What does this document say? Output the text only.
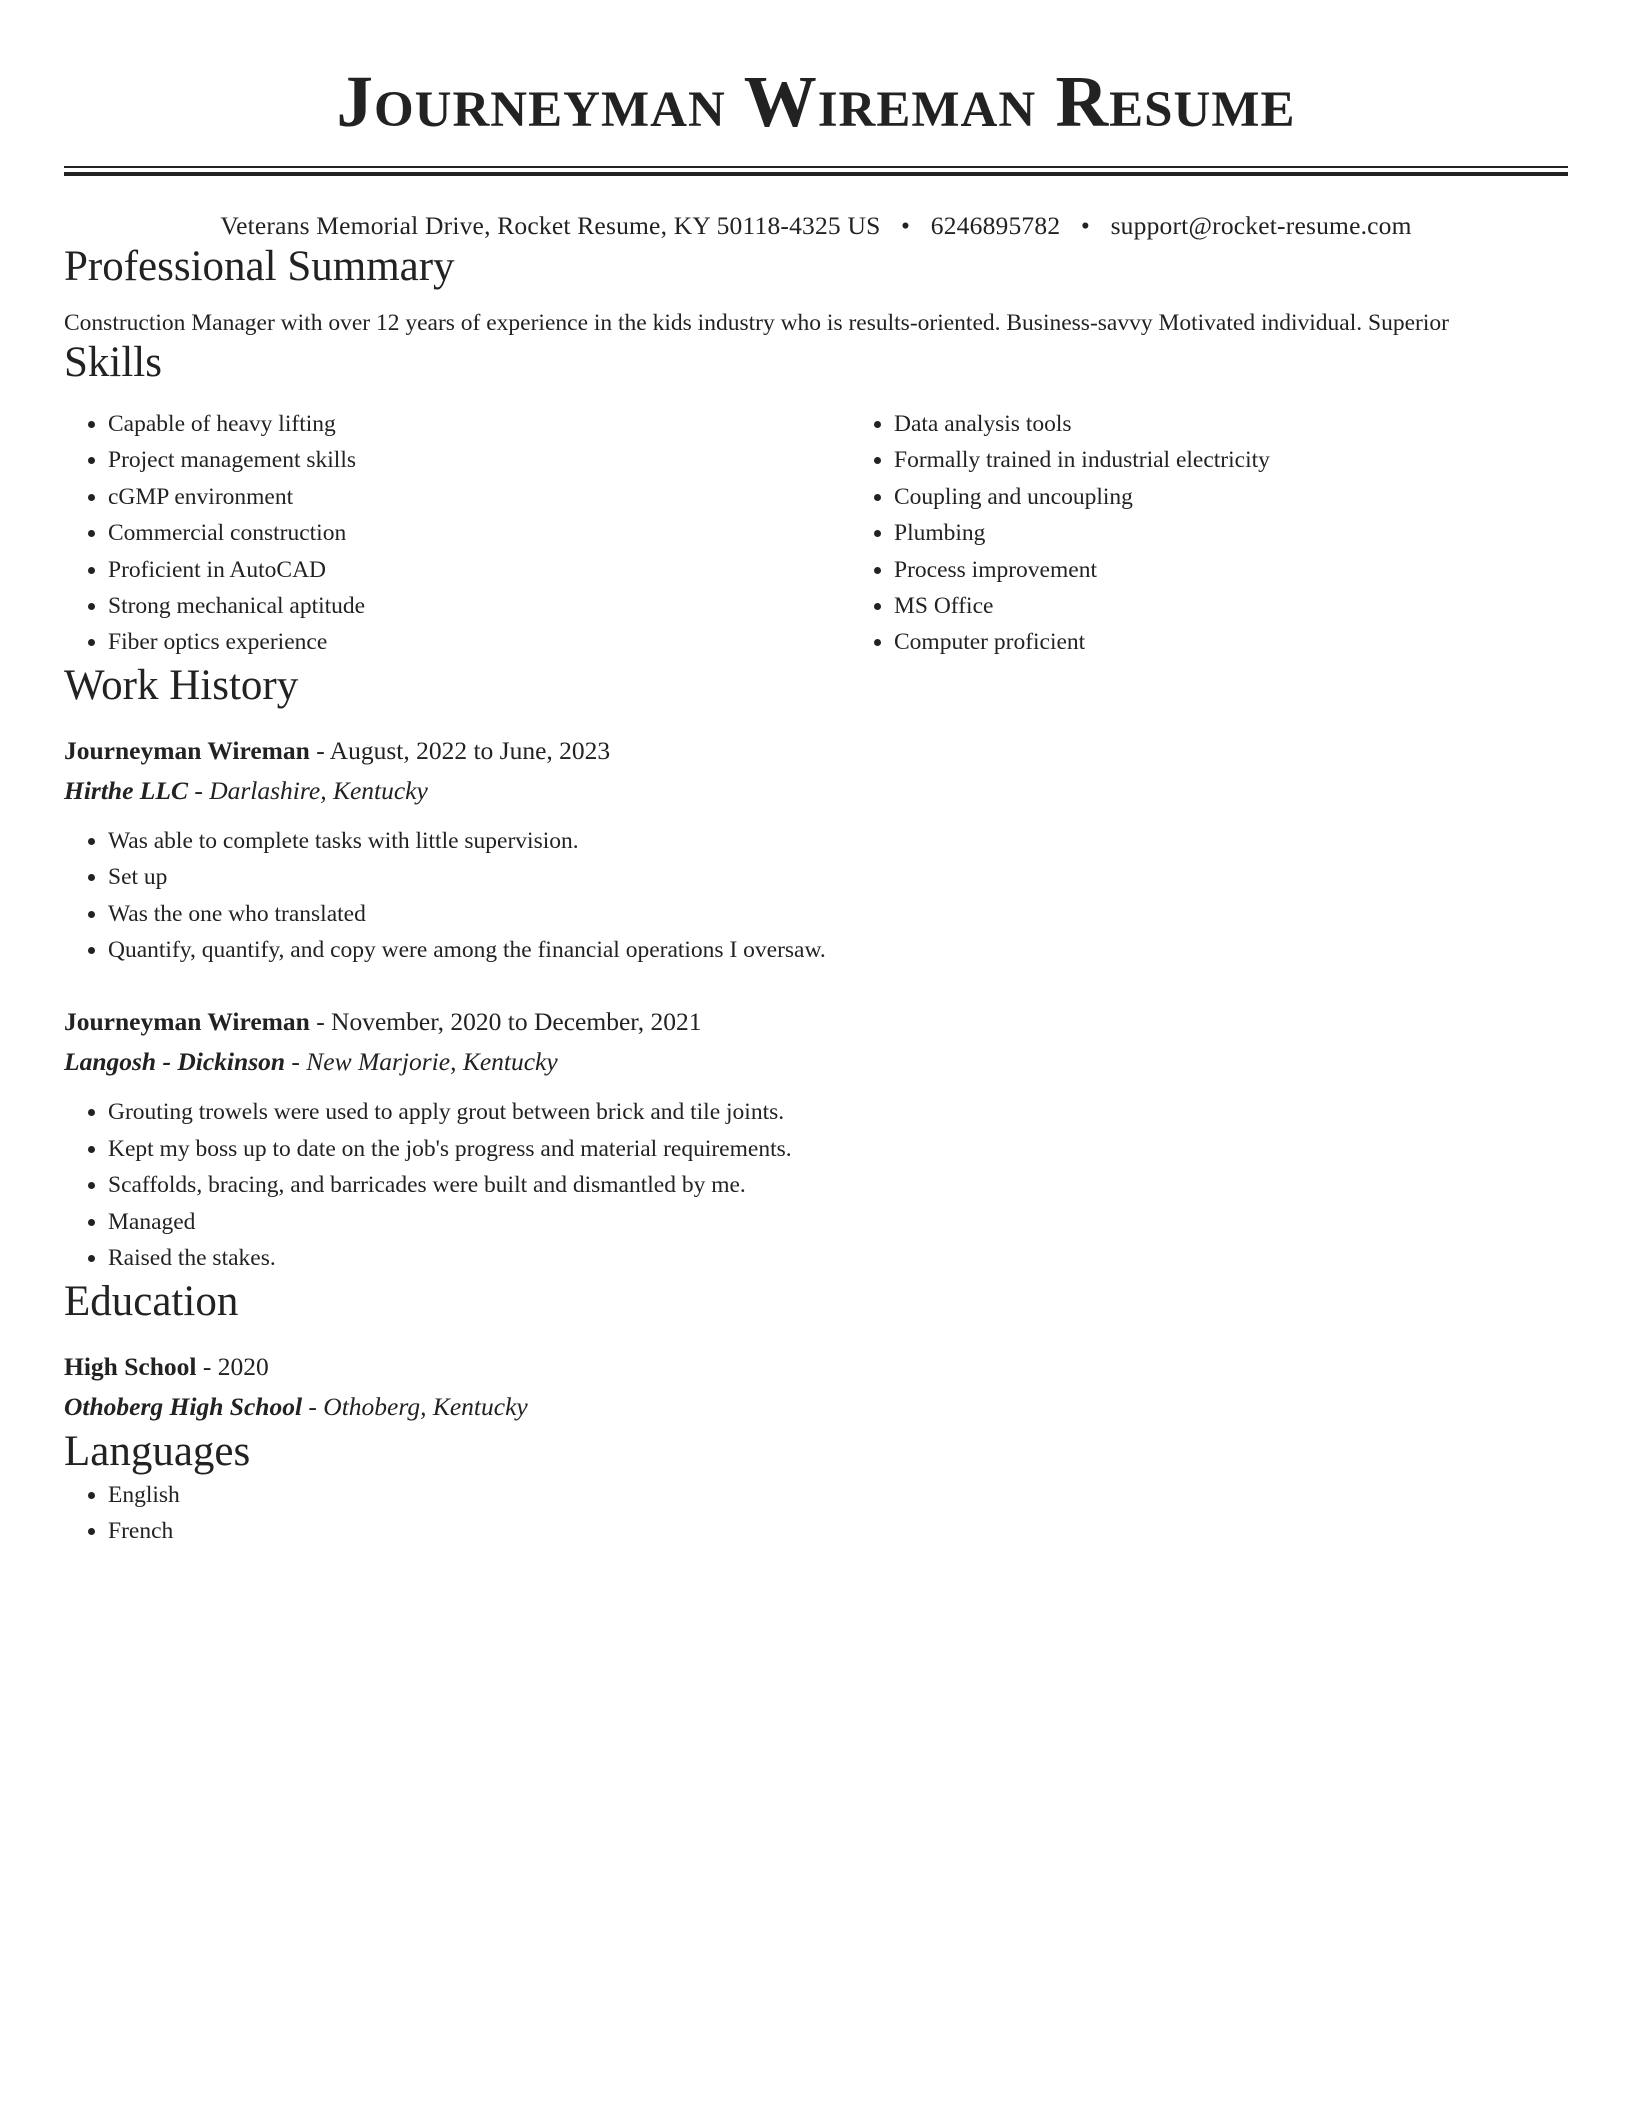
Journeyman Wireman Resume
Veterans Memorial Drive, Rocket Resume, KY 50118-4325 US • 6246895782 • support@rocket-resume.com
Professional Summary
Construction Manager with over 12 years of experience in the kids industry who is results-oriented. Business-savvy Motivated individual. Superior
Skills
• Capable of heavy lifting
• Project management skills
• cGMP environment
• Commercial construction
• Proficient in AutoCAD
• Strong mechanical aptitude
• Fiber optics experience
• Data analysis tools
• Formally trained in industrial electricity
• Coupling and uncoupling
• Plumbing
• Process improvement
• MS Office
• Computer proficient
Work History
Journeyman Wireman - August, 2022 to June, 2023
Hirthe LLC - Darlashire, Kentucky
• Was able to complete tasks with little supervision.
• Set up
• Was the one who translated
• Quantify, quantify, and copy were among the financial operations I oversaw.
Journeyman Wireman - November, 2020 to December, 2021
Langosh - Dickinson - New Marjorie, Kentucky
• Grouting trowels were used to apply grout between brick and tile joints.
• Kept my boss up to date on the job's progress and material requirements.
• Scaffolds, bracing, and barricades were built and dismantled by me.
• Managed
• Raised the stakes.
Education
High School - 2020
Othoberg High School - Othoberg, Kentucky
Languages
• English
• French
